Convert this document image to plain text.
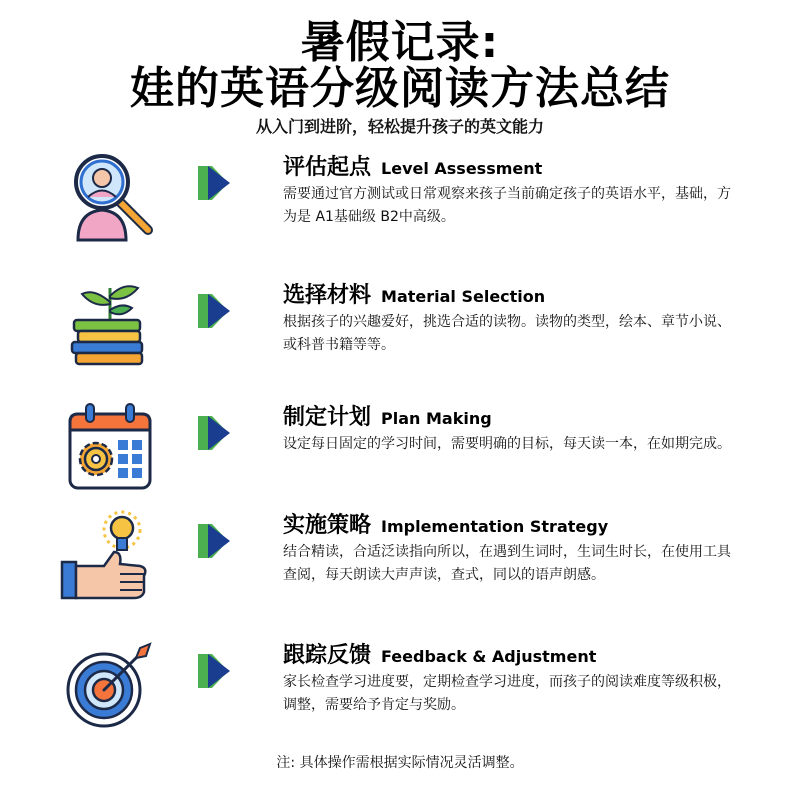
暑假记录:
娃的英语分级阅读方法总结
从入门到进阶，轻松提升孩子的英文能力
评估起点 Level Assessment
需要通过官方测试或日常观察来孩子当前确定孩子的英语水平，基础，方为是 A1基础级 B2中高级。
选择材料 Material Selection
根据孩子的兴趣爱好，挑选合适的读物。读物的类型，绘本、章节小说、或科普书籍等等。
制定计划 Plan Making
设定每日固定的学习时间，需要明确的目标，每天读一本，在如期完成。
实施策略 Implementation Strategy
结合精读，合适泛读指向所以，在遇到生词时，生词生时长，在使用工具查阅，每天朗读大声声读，查式，同以的语声朗感。
跟踪反馈 Feedback & Adjustment
家长检查学习进度要，定期检查学习进度，而孩子的阅读难度等级积极，调整，需要给予肯定与奖励。
注: 具体操作需根据实际情况灵活调整。
